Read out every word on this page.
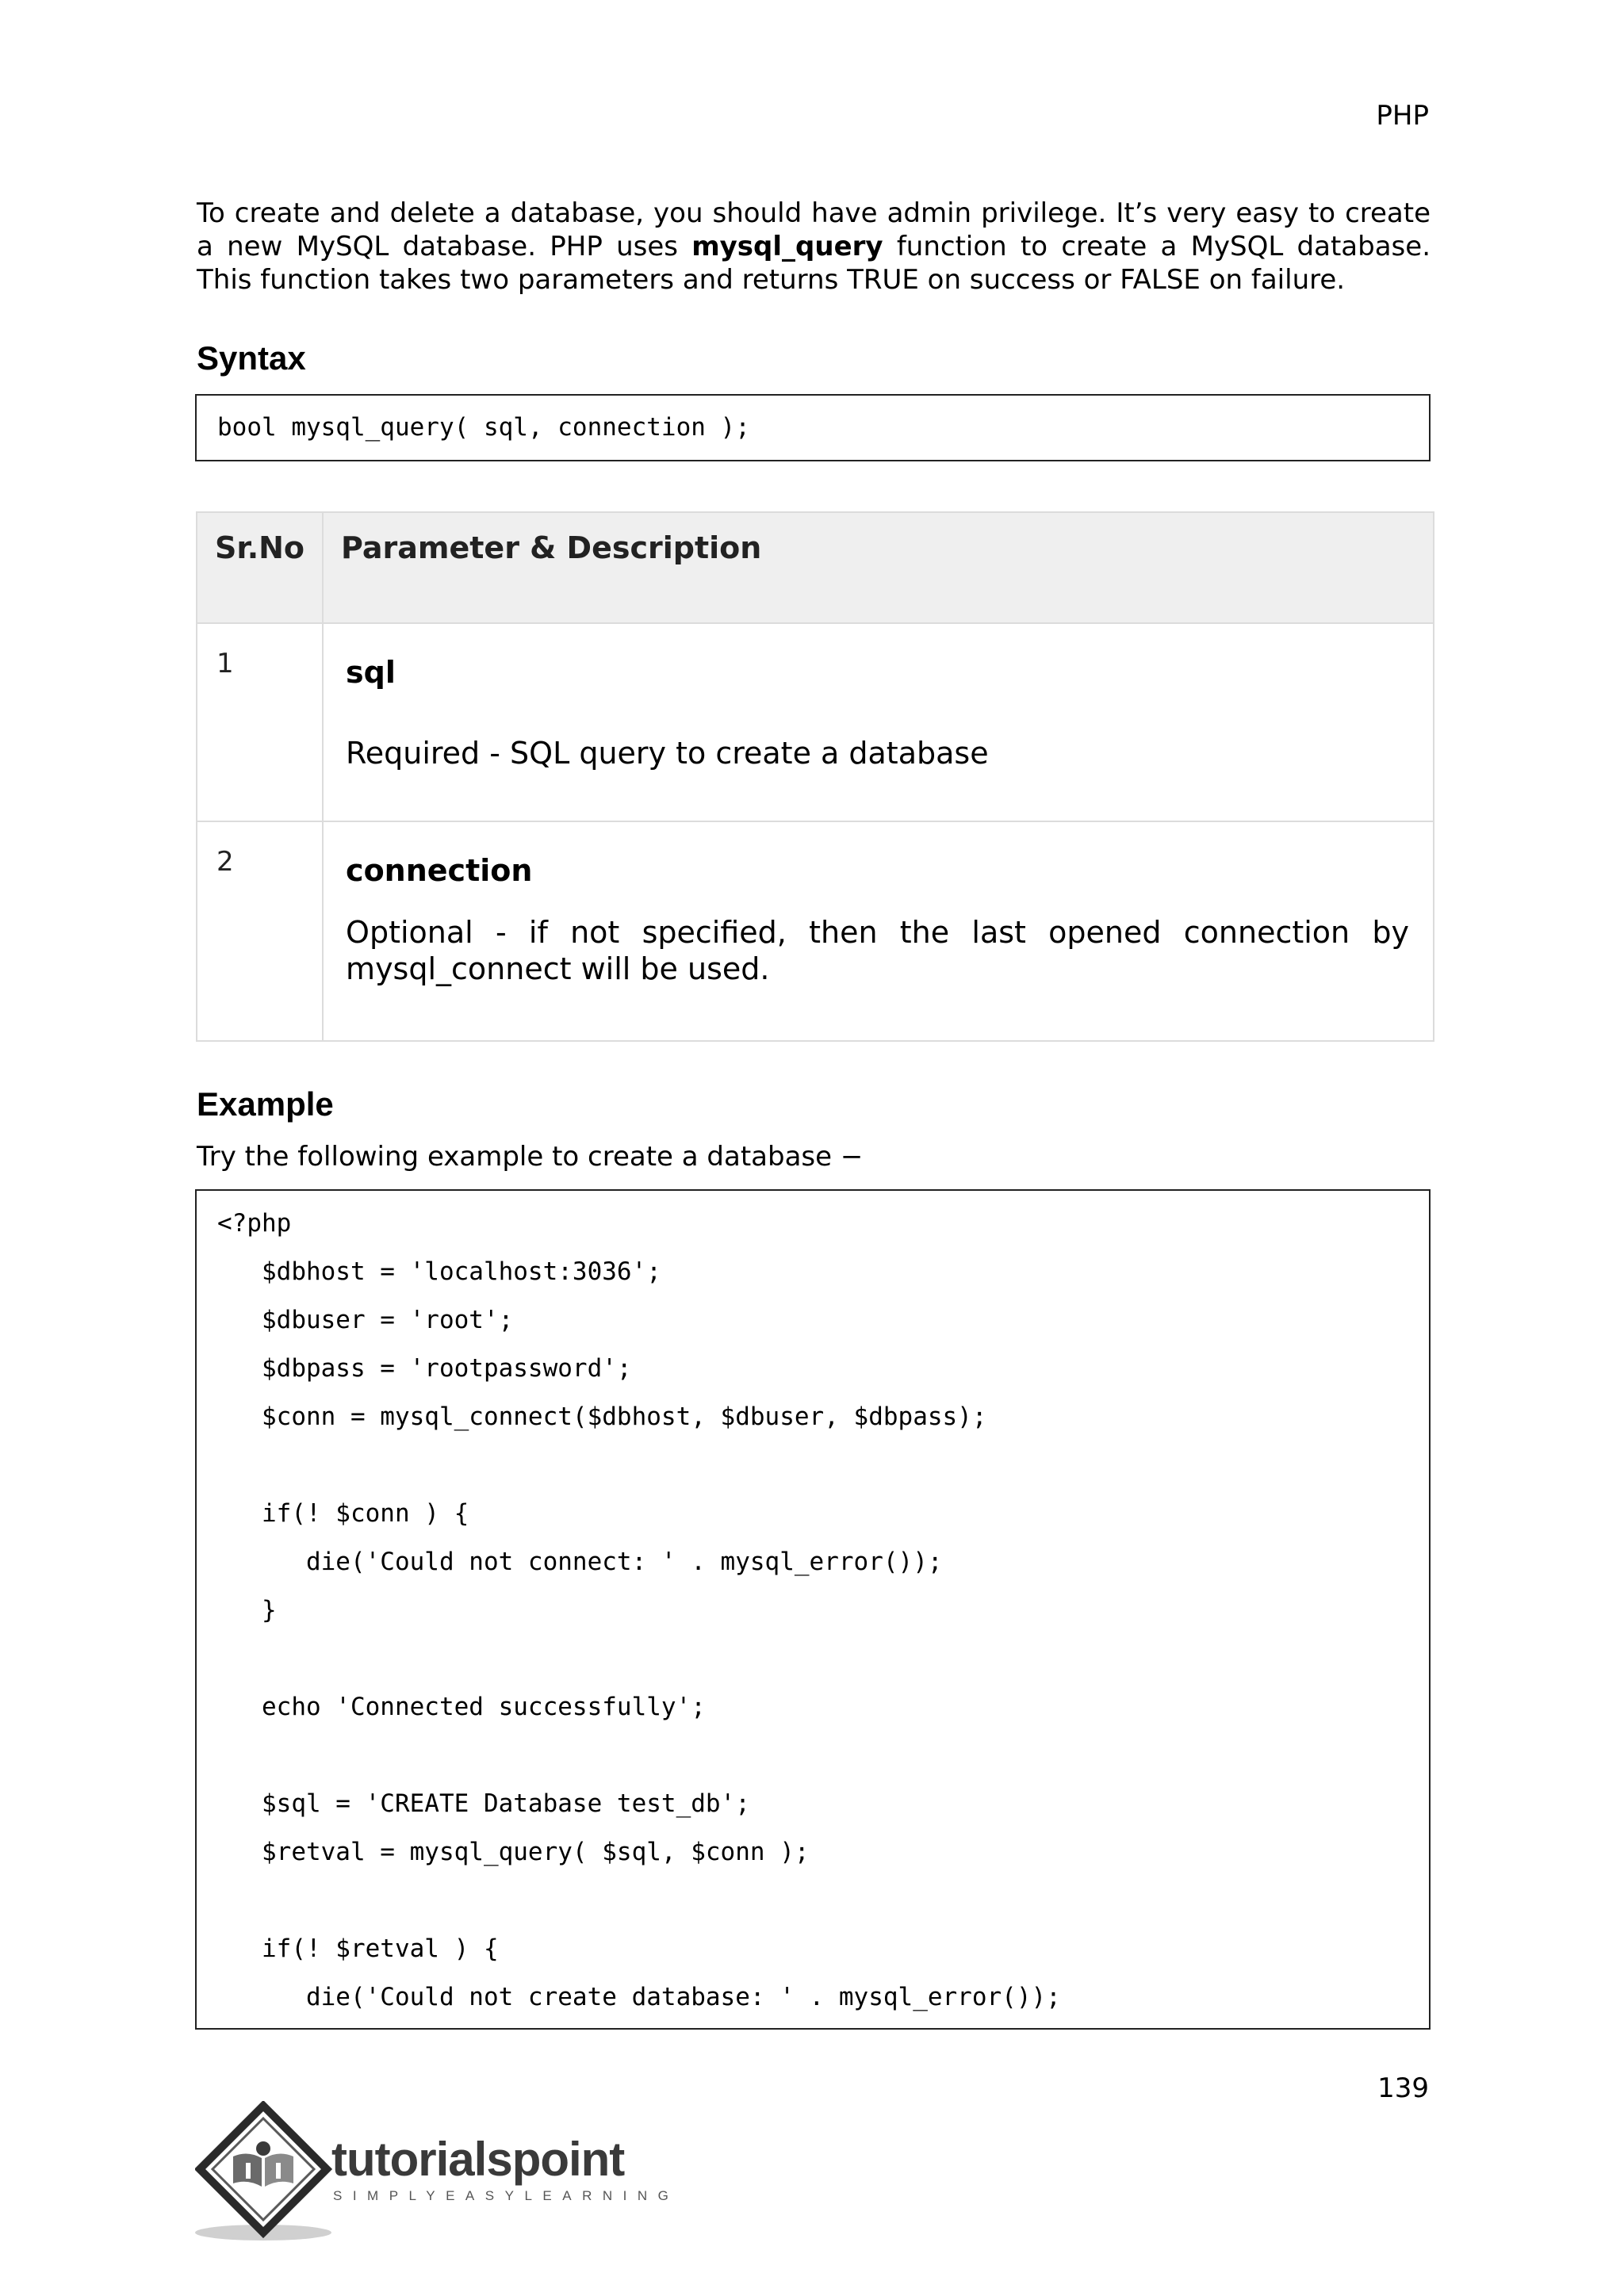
PHP

To create and delete a database, you should have admin privilege. It’s very easy to create a new MySQL database. PHP uses mysql_query function to create a MySQL database. This function takes two parameters and returns TRUE on success or FALSE on failure.

Syntax
bool mysql_query( sql, connection );
Sr.No	Parameter & Description
1	sql

Required - SQL query to create a database

2	connection

Optional - if not specified, then the last opened connection by mysql_connect will be used.

Example

Try the following example to create a database −

<?php
$dbhost = 'localhost:3036';
$dbuser = 'root';
$dbpass = 'rootpassword';
$conn = mysql_connect($dbhost, $dbuser, $dbpass);
if(! $conn ) {
die('Could not connect: ' . mysql_error());
}
echo 'Connected successfully';
$sql = 'CREATE Database test_db';
$retval = mysql_query( $sql, $conn );
if(! $retval ) {
die('Could not create database: ' . mysql_error());
139
tutorialspoint
SIMPLYEASYLEARNING
